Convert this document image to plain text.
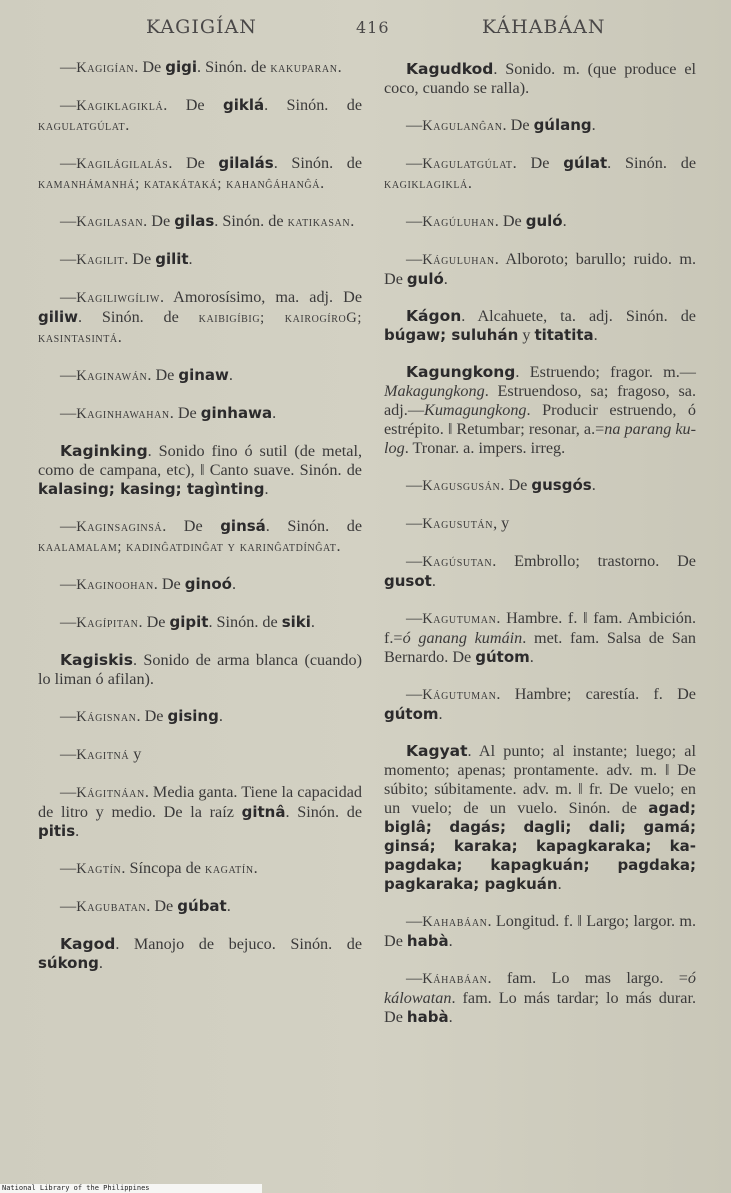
KAGIGÍAN	416	KÁHABÁAN

—Kagigían. De gigi. Sinón. de kakuparan.

—Kagiklagiklá. De giklá. Sinón. de kagulatgúlat.

—Kagilágilalás. De gilalás. Sinón. de kamanhámanhá; katakátaká; kahanĝáhanĝá.

—Kagilasan. De gilas. Sinón. de katikasan.

—Kagilit. De gilit.

—Kagiliwgíliw. Amorosísimo, ma. adj. De giliw. Sinón. de kaibigíbig; kairogíroG; kasintasintá.

—Kaginawán. De ginaw.

—Kaginhawahan. De ginhawa.

Kaginking. Sonido fino ó sutil (de metal, como de campana, etc), ‖ Canto suave. Sinón. de kalasing; kasing; tagìnting.

—Kaginsaginsá. De ginsá. Sinón. de kaalamalam; kadinĝatdinĝat y karinĝatdínĝat.

—Kaginoohan. De ginoó.

—Kagípitan. De gipit. Sinón. de siki.

Kagiskis. Sonido de arma blanca (cuando) lo liman ó afilan).

—Kágisnan. De gising.

—Kagitná y

—Kágitnáan. Media ganta. Tiene la capacidad de litro y medio. De la raíz gitnâ. Sinón. de pitis.

—Kagtín. Síncopa de kagatín.

—Kagubatan. De gúbat.

Kagod. Manojo de bejuco. Sinón. de súkong.

Kagudkod. Sonido. m. (que produce el coco, cuando se ralla).

—Kagulanĝan. De gúlang.

—Kagulatgúlat. De gúlat. Sinón. de kagiklagiklá.

—Kagúluhan. De guló.

—Káguluhan. Alboroto; barullo; ruido. m. De guló.

Kágon. Alcahuete, ta. adj. Sinón. de búgaw; suluhán y titatita.

Kagungkong. Estruendo; fragor. m.—Makagungkong. Estruendoso, sa; fragoso, sa. adj.—Kumagungkong. Producir estruendo, ó estrépito. ‖ Retumbar; resonar, a.=na parang kulog. Tronar. a. impers. irreg.

—Kagusgusán. De gusgós.

—Kagusután, y

—Kagúsutan. Embrollo; trastorno. De gusot.

—Kagutuman. Hambre. f. ‖ fam. Ambición. f.=ó ganang kumáin. met. fam. Salsa de San Bernardo. De gútom.

—Kágutuman. Hambre; carestía. f. De gútom.

Kagyat. Al punto; al instante; luego; al momento; apenas; prontamente. adv. m. ‖ De súbito; súbitamente. adv. m. ‖ fr. De vuelo; en un vuelo; de un vuelo. Sinón. de agad; biglâ; dagás; dagli; dali; gamá; ginsá; karaka; kapagkaraka; kapagdaka; kapagkuán; pagdaka; pagkaraka; pagkuán.

—Kahabáan. Longitud. f. ‖ Largo; largor. m. De habà.

—Káhabáan. fam. Lo mas largo. =ó kálowatan. fam. Lo más tardar; lo más durar. De habà.

National Library of the Philippines
